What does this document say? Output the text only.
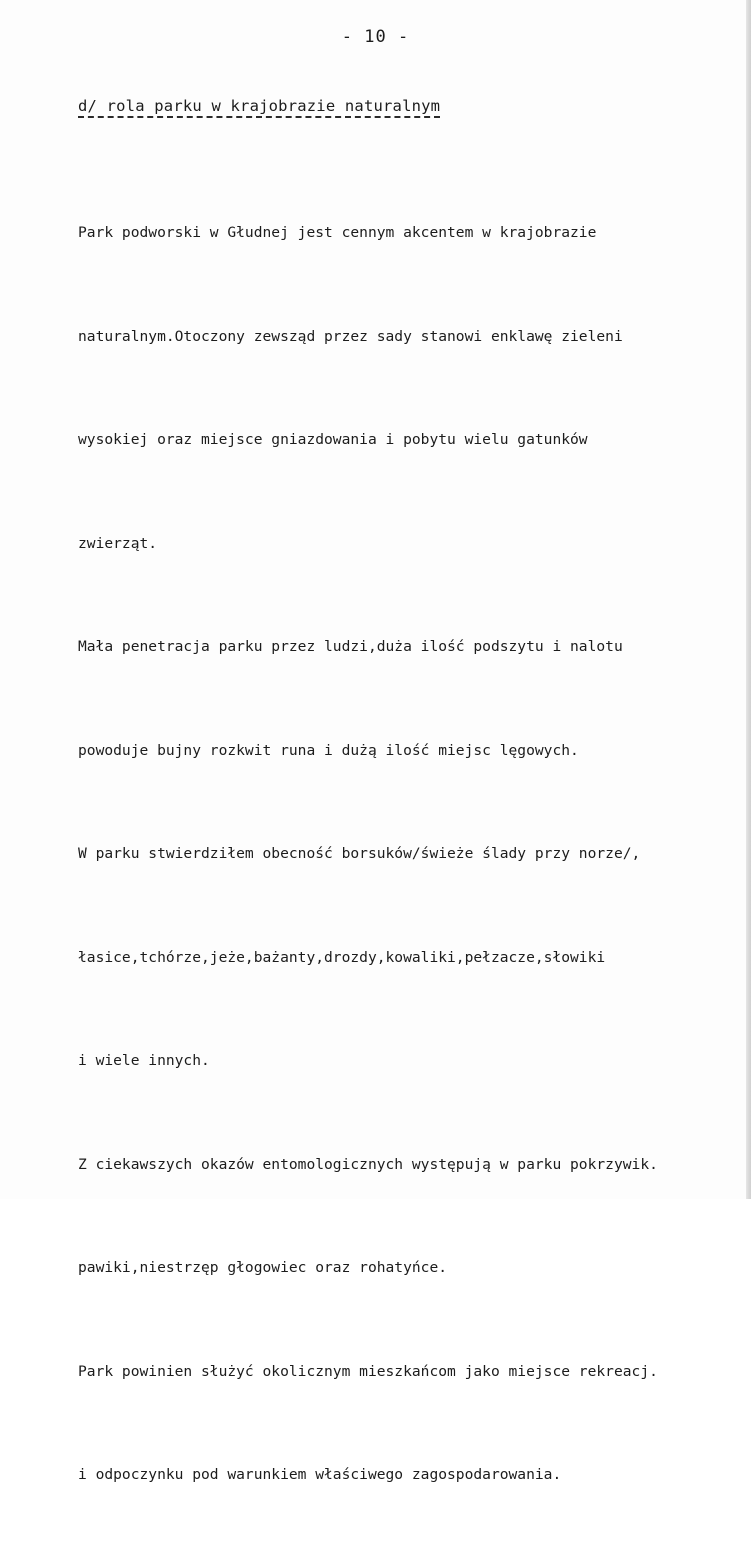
- 10 -
d/ rola parku w krajobrazie naturalnym

Park podworski w Głudnej jest cennym akcentem w krajobrazie

naturalnym.Otoczony zewsząd przez sady stanowi enklawę zieleni

wysokiej oraz miejsce gniazdowania i pobytu wielu gatunków

zwierząt.

Mała penetracja parku przez ludzi,duża ilość podszytu i nalotu

powoduje bujny rozkwit runa i dużą ilość miejsc lęgowych.

W parku stwierdziłem obecność borsuków/świeże ślady przy norze/,

łasice,tchórze,jeże,bażanty,drozdy,kowaliki,pełzacze,słowiki

i wiele innych.

Z ciekawszych okazów entomologicznych występują w parku pokrzywik.

pawiki,niestrzęp głogowiec oraz rohatyńce.

Park powinien służyć okolicznym mieszkańcom jako miejsce rekreacj.

i odpoczynku pod warunkiem właściwego zagospodarowania.
